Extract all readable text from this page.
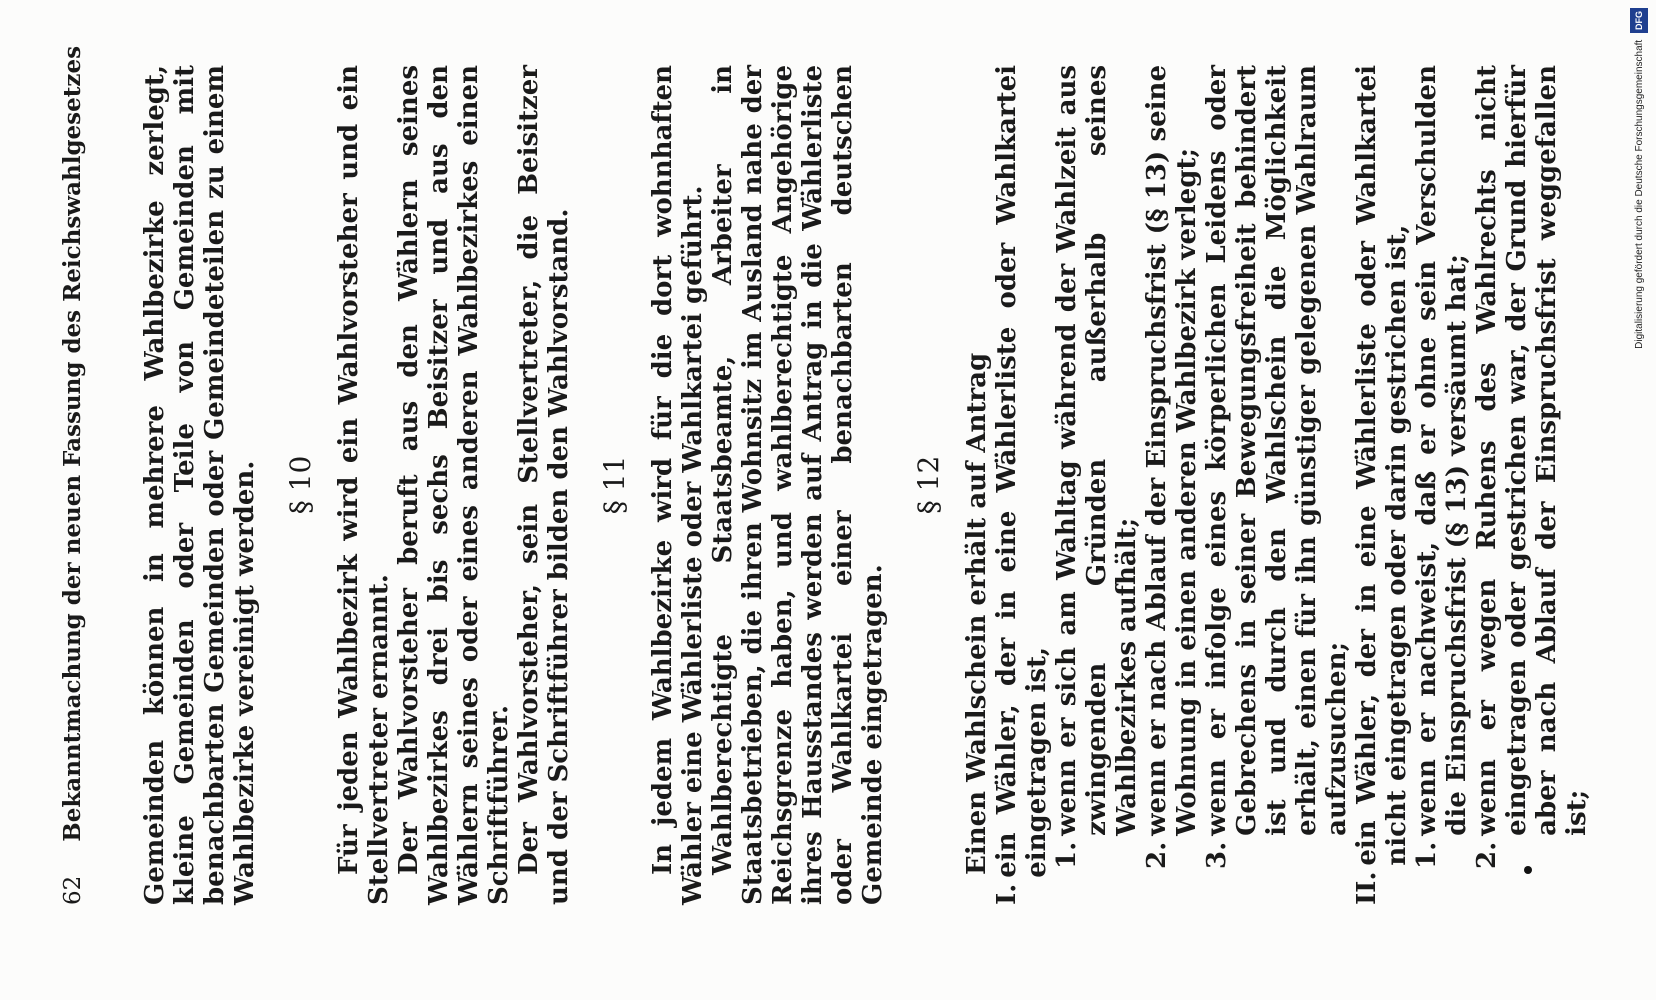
62 Bekanntmachung der neuen Fassung des Reichswahlgesetzes Gemeinden können in mehrere Wahlbezirke zerlegt, kleine Gemeinden oder Teile von Gemeinden mit benachbarten Gemeinden oder Gemeindeteilen zu einem Wahlbezirke vereinigt werden. § 10 Für jeden Wahlbezirk wird ein Wahlvorsteher und ein Stellvertreter ernannt. Der Wahlvorsteher beruft aus den Wählern seines Wahlbezirkes drei bis sechs Beisitzer und aus den Wählern seines oder eines anderen Wahlbezirkes einen Schriftführer. Der Wahlvorsteher, sein Stellvertreter, die Beisitzer und der Schriftführer bilden den Wahlvorstand. § 11 In jedem Wahlbezirke wird für die dort wohnhaften Wähler eine Wählerliste oder Wahlkartei geführt. Wahlberechtigte Staatsbeamte, Arbeiter in Staatsbetrieben, die ihren Wohnsitz im Ausland nahe der Reichsgrenze haben, und wahlberechtigte Angehörige ihres Hausstandes werden auf Antrag in die Wählerliste oder Wahlkartei einer benachbarten deutschen Gemeinde eingetragen.

§ 12 Einen Wahlschein erhält auf Antrag

I.
ein Wähler, der in eine Wählerliste oder Wahlkartei eingetragen ist, 1.
wenn er sich am Wahltag während der Wahlzeit aus zwingenden Gründen außerhalb seines Wahlbezirkes aufhält;
2.
wenn er nach Ablauf der Einspruchsfrist (§ 13) seine Wohnung in einen anderen Wahlbezirk verlegt;
3.
wenn er infolge eines körperlichen Leidens oder Gebrechens in seiner Bewegungsfreiheit behindert ist und durch den Wahlschein die Möglichkeit erhält, einen für ihn günstiger gelegenen Wahlraum aufzusuchen;
II.
ein Wähler, der in eine Wählerliste oder Wahlkartei nicht eingetragen oder darin gestrichen ist, 1.
wenn er nachweist, daß er ohne sein Verschulden die Einspruchsfrist (§ 13) versäumt hat;
2.
wenn er wegen Ruhens des Wahlrechts nicht eingetragen oder gestrichen war, der Grund hierfür aber nach Ablauf der Einspruchsfrist weggefallen ist;
Digitalisierung gefördert durch die Deutsche Forschungsgemeinschaft DFG
